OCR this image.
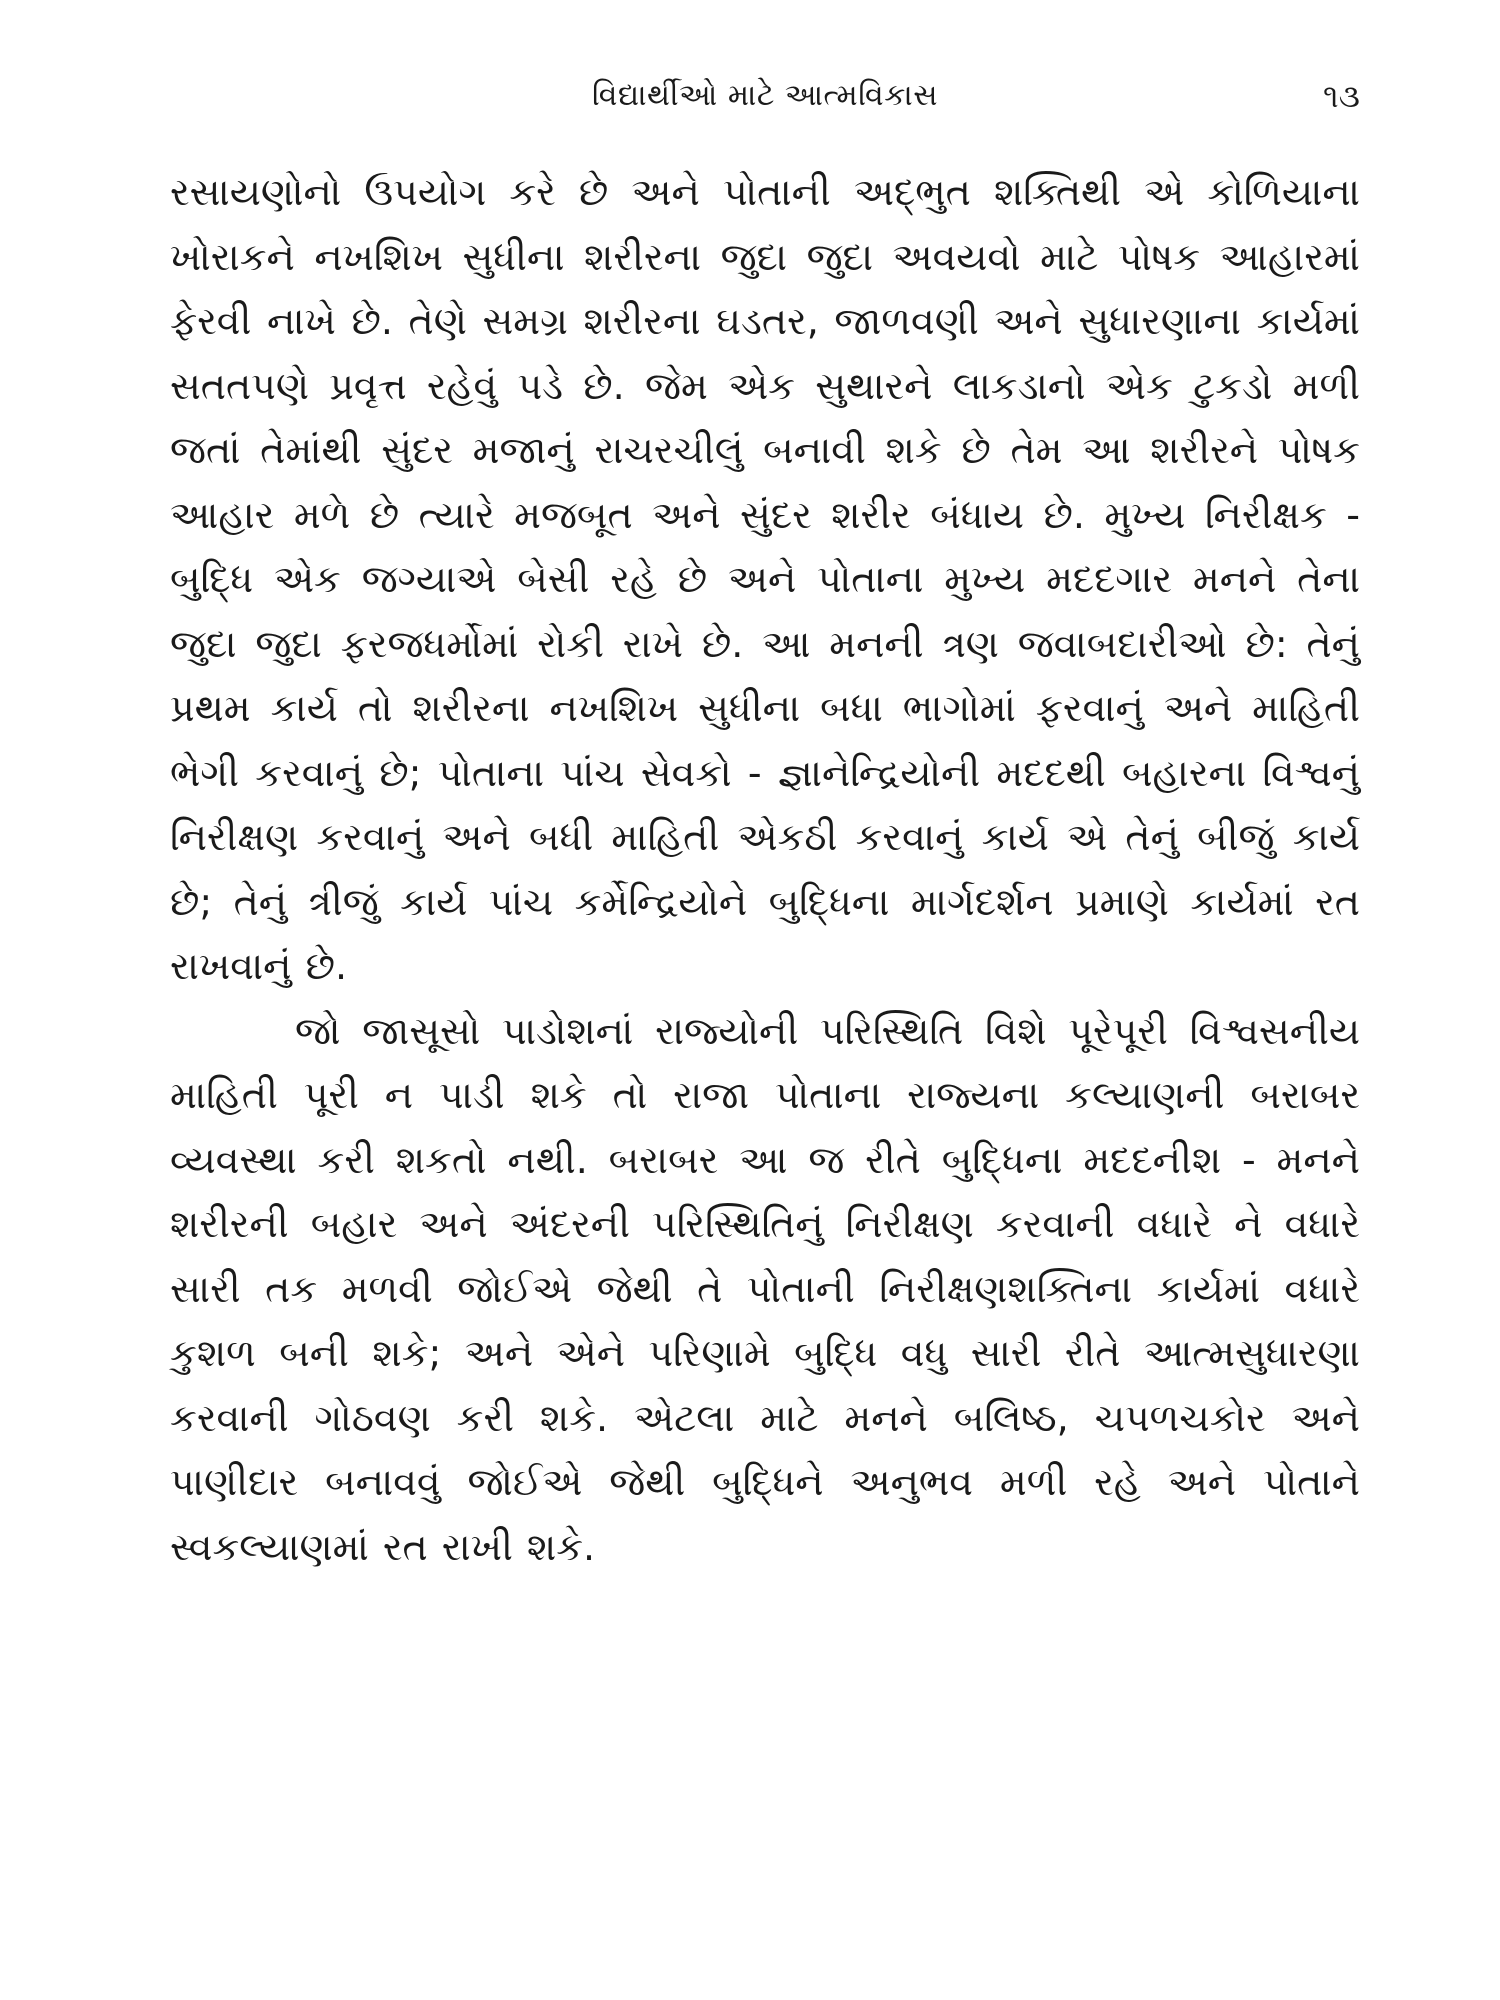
વિદ્યાર્થીઓ માટે આત્મવિકાસ	૧૩

રસાયણોનો ઉપયોગ કરે છે અને પોતાની અદ્‌ભુત શક્તિથી એ કોળિયાના ખોરાકને નખશિખ સુધીના શરીરના જુદા જુદા અવયવો માટે પોષક આહારમાં ફેરવી નાખે છે. તેણે સમગ્ર શરીરના ઘડતર, જાળવણી અને સુધારણાના કાર્યમાં સતતપણે પ્રવૃત્ત રહેવું પડે છે. જેમ એક સુથારને લાકડાનો એક ટુકડો મળી જતાં તેમાંથી સુંદર મજાનું રાચરચીલું બનાવી શકે છે તેમ આ શરીરને પોષક આહાર મળે છે ત્યારે મજબૂત અને સુંદર શરીર બંધાય છે. મુખ્ય નિરીક્ષક - બુદ્ધિ એક જગ્યાએ બેસી રહે છે અને પોતાના મુખ્ય મદદગાર મનને તેના જુદા જુદા ફરજધર્મોમાં રોકી રાખે છે. આ મનની ત્રણ જવાબદારીઓ છે: તેનું પ્રથમ કાર્ય તો શરીરના નખશિખ સુધીના બધા ભાગોમાં ફરવાનું અને માહિતી ભેગી કરવાનું છે; પોતાના પાંચ સેવકો - જ્ઞાનેન્દ્રિયોની મદદથી બહારના વિશ્વનું નિરીક્ષણ કરવાનું અને બધી માહિતી એકઠી કરવાનું કાર્ય એ તેનું બીજું કાર્ય છે; તેનું ત્રીજું કાર્ય પાંચ કર્મેન્દ્રિયોને બુદ્ધિના માર્ગદર્શન પ્રમાણે કાર્યમાં રત રાખવાનું છે.

જો જાસૂસો પાડોશનાં રાજ્યોની પરિસ્થિતિ વિશે પૂરેપૂરી વિશ્વસનીય માહિતી પૂરી ન પાડી શકે તો રાજા પોતાના રાજ્યના કલ્યાણની બરાબર વ્યવસ્થા કરી શકતો નથી. બરાબર આ જ રીતે બુદ્ધિના મદદનીશ - મનને શરીરની બહાર અને અંદરની પરિસ્થિતિનું નિરીક્ષણ કરવાની વધારે ને વધારે સારી તક મળવી જોઈએ જેથી તે પોતાની નિરીક્ષણશક્તિના કાર્યમાં વધારે કુશળ બની શકે; અને એને પરિણામે બુદ્ધિ વધુ સારી રીતે આત્મસુધારણા કરવાની ગોઠવણ કરી શકે. એટલા માટે મનને બલિષ્ઠ, ચપળચકોર અને પાણીદાર બનાવવું જોઈએ જેથી બુદ્ધિને અનુભવ મળી રહે અને પોતાને સ્વકલ્યાણમાં રત રાખી શકે.
